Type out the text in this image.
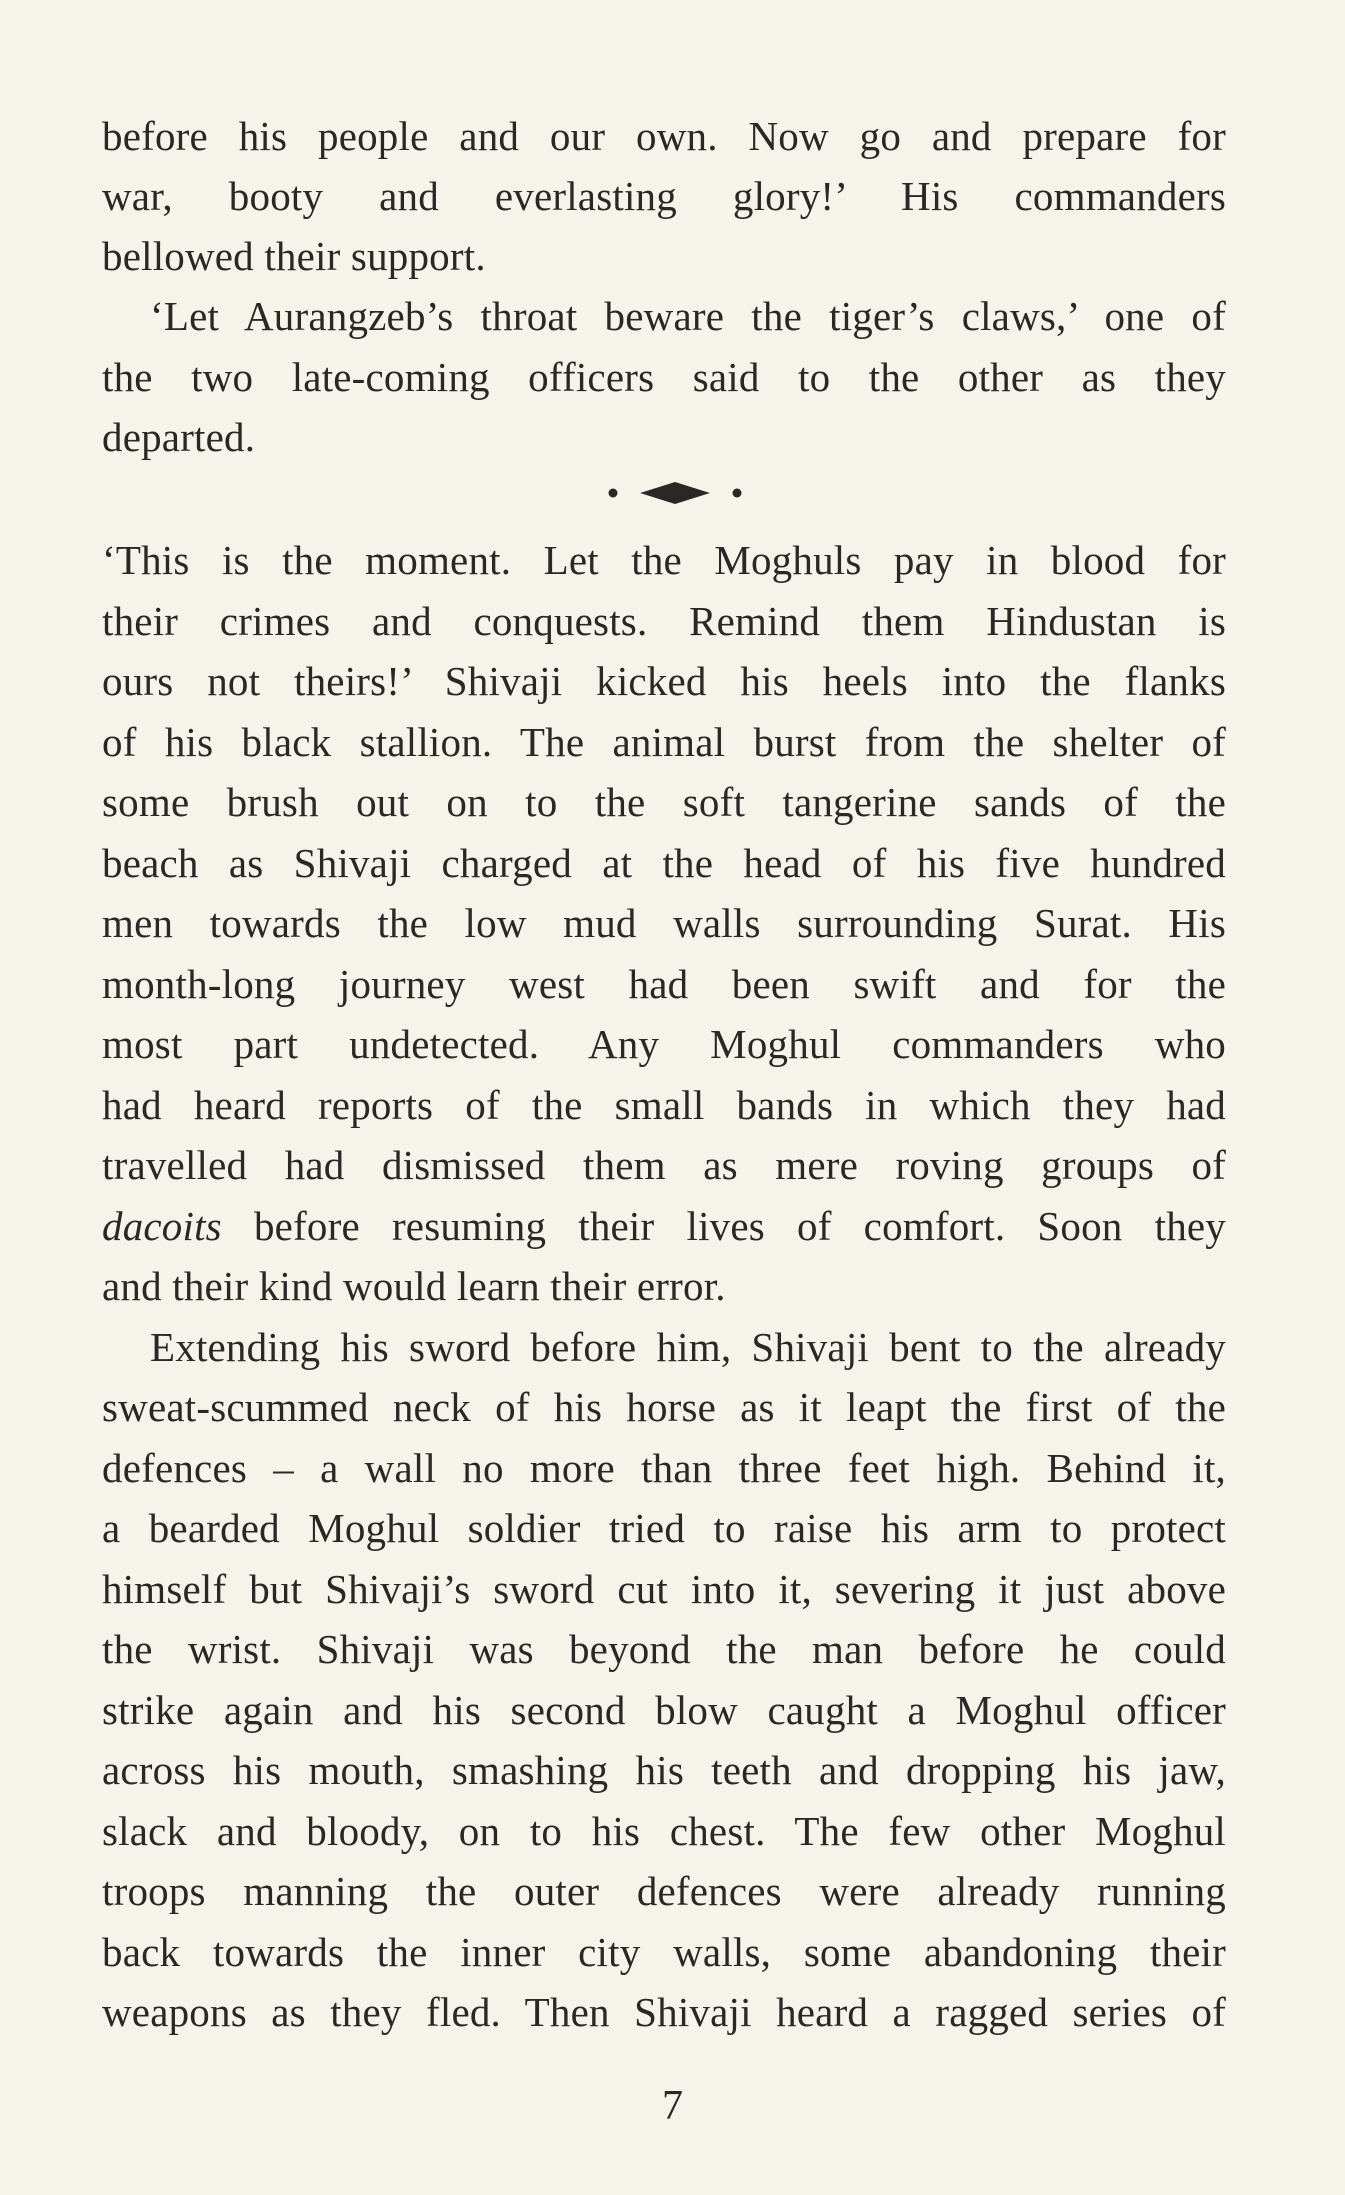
before his people and our own. Now go and prepare for
war, booty and everlasting glory!’ His commanders
bellowed their support.
‘Let Aurangzeb’s throat beware the tiger’s claws,’ one of
the two late-coming officers said to the other as they
departed.
‘This is the moment. Let the Moghuls pay in blood for
their crimes and conquests. Remind them Hindustan is
ours not theirs!’ Shivaji kicked his heels into the flanks
of his black stallion. The animal burst from the shelter of
some brush out on to the soft tangerine sands of the
beach as Shivaji charged at the head of his five hundred
men towards the low mud walls surrounding Surat. His
month-long journey west had been swift and for the
most part undetected. Any Moghul commanders who
had heard reports of the small bands in which they had
travelled had dismissed them as mere roving groups of
dacoits before resuming their lives of comfort. Soon they
and their kind would learn their error.
Extending his sword before him, Shivaji bent to the already
sweat-scummed neck of his horse as it leapt the first of the
defences – a wall no more than three feet high. Behind it,
a bearded Moghul soldier tried to raise his arm to protect
himself but Shivaji’s sword cut into it, severing it just above
the wrist. Shivaji was beyond the man before he could
strike again and his second blow caught a Moghul officer
across his mouth, smashing his teeth and dropping his jaw,
slack and bloody, on to his chest. The few other Moghul
troops manning the outer defences were already running
back towards the inner city walls, some abandoning their
weapons as they fled. Then Shivaji heard a ragged series of
7
